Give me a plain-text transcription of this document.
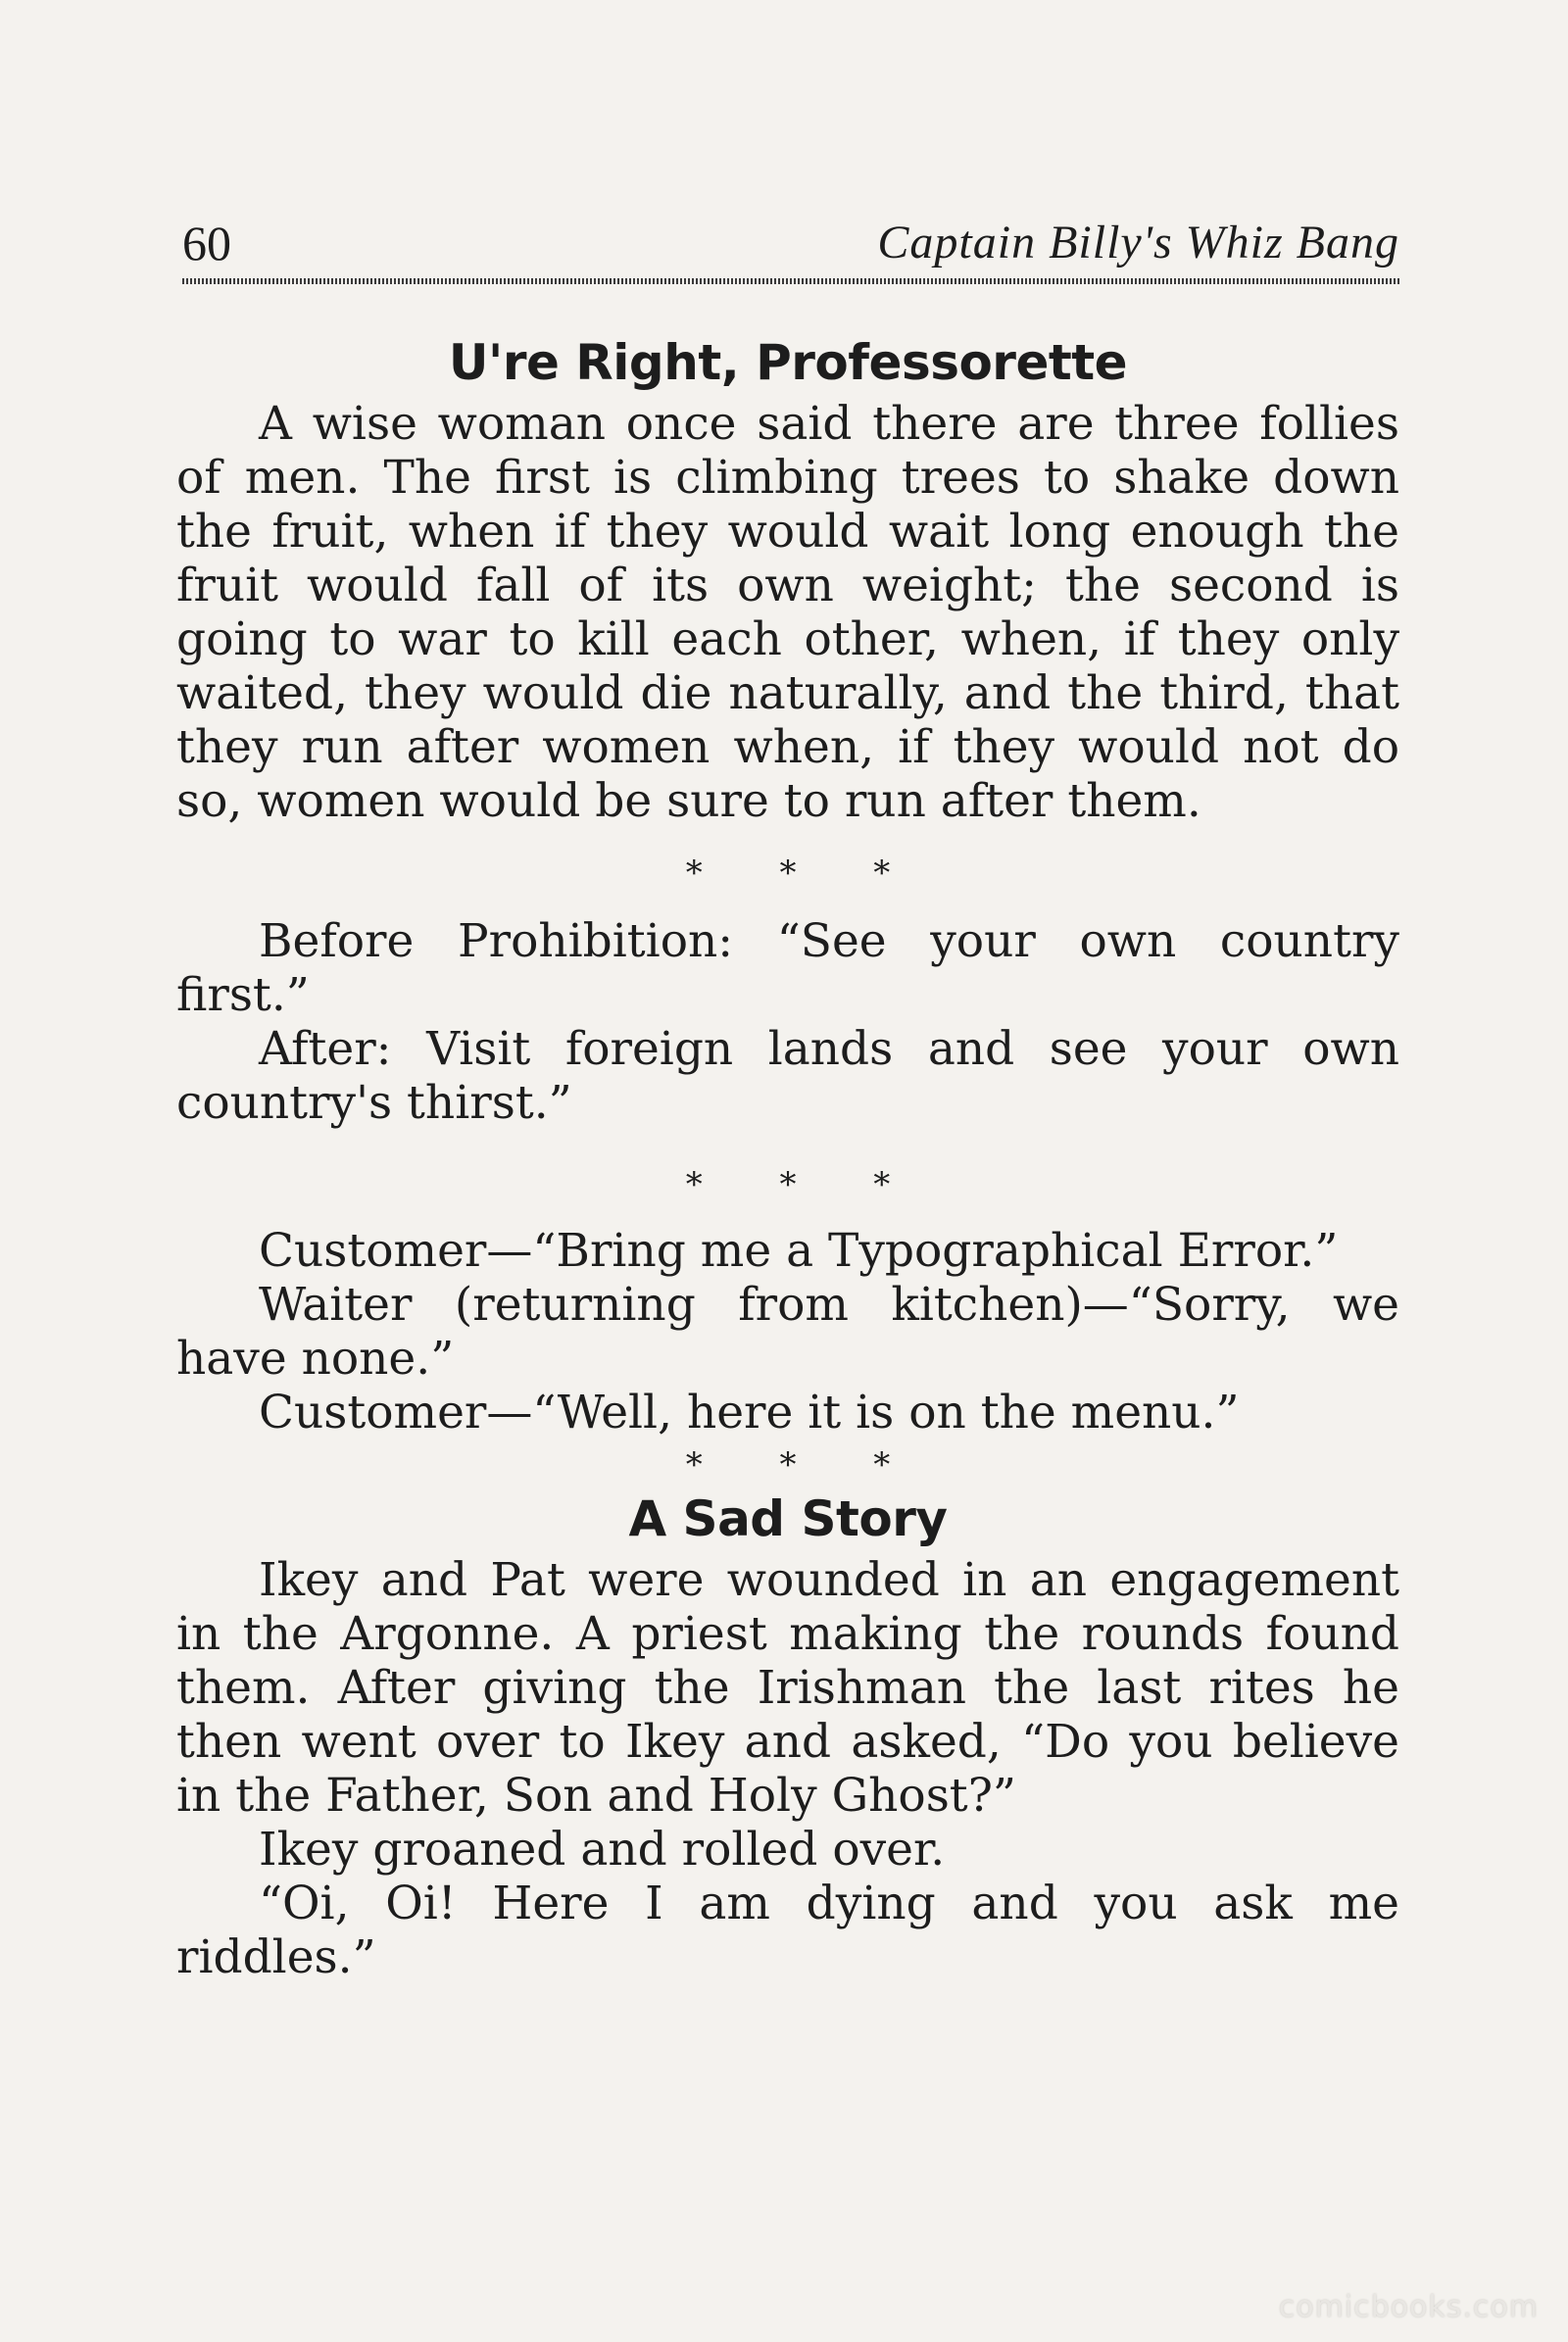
60	Captain Billy's Whiz Bang
U're Right, Professorette

A wise woman once said there are three follies of men. The first is climbing trees to shake down the fruit, when if they would wait long enough the fruit would fall of its own weight; the second is going to war to kill each other, when, if they only waited, they would die naturally, and the third, that they run after women when, if they would not do so, women would be sure to run after them.

* * *

Before Prohibition: “See your own country first.”

After: Visit foreign lands and see your own country's thirst.”

* * *

Customer—“Bring me a Typographical Error.”

Waiter (returning from kitchen)—“Sorry, we have none.”

Customer—“Well, here it is on the menu.”

* * *
A Sad Story

Ikey and Pat were wounded in an engagement in the Argonne. A priest making the rounds found them. After giving the Irishman the last rites he then went over to Ikey and asked, “Do you believe in the Father, Son and Holy Ghost?”

Ikey groaned and rolled over.

“Oi, Oi! Here I am dying and you ask me riddles.”

comicbooks.com
